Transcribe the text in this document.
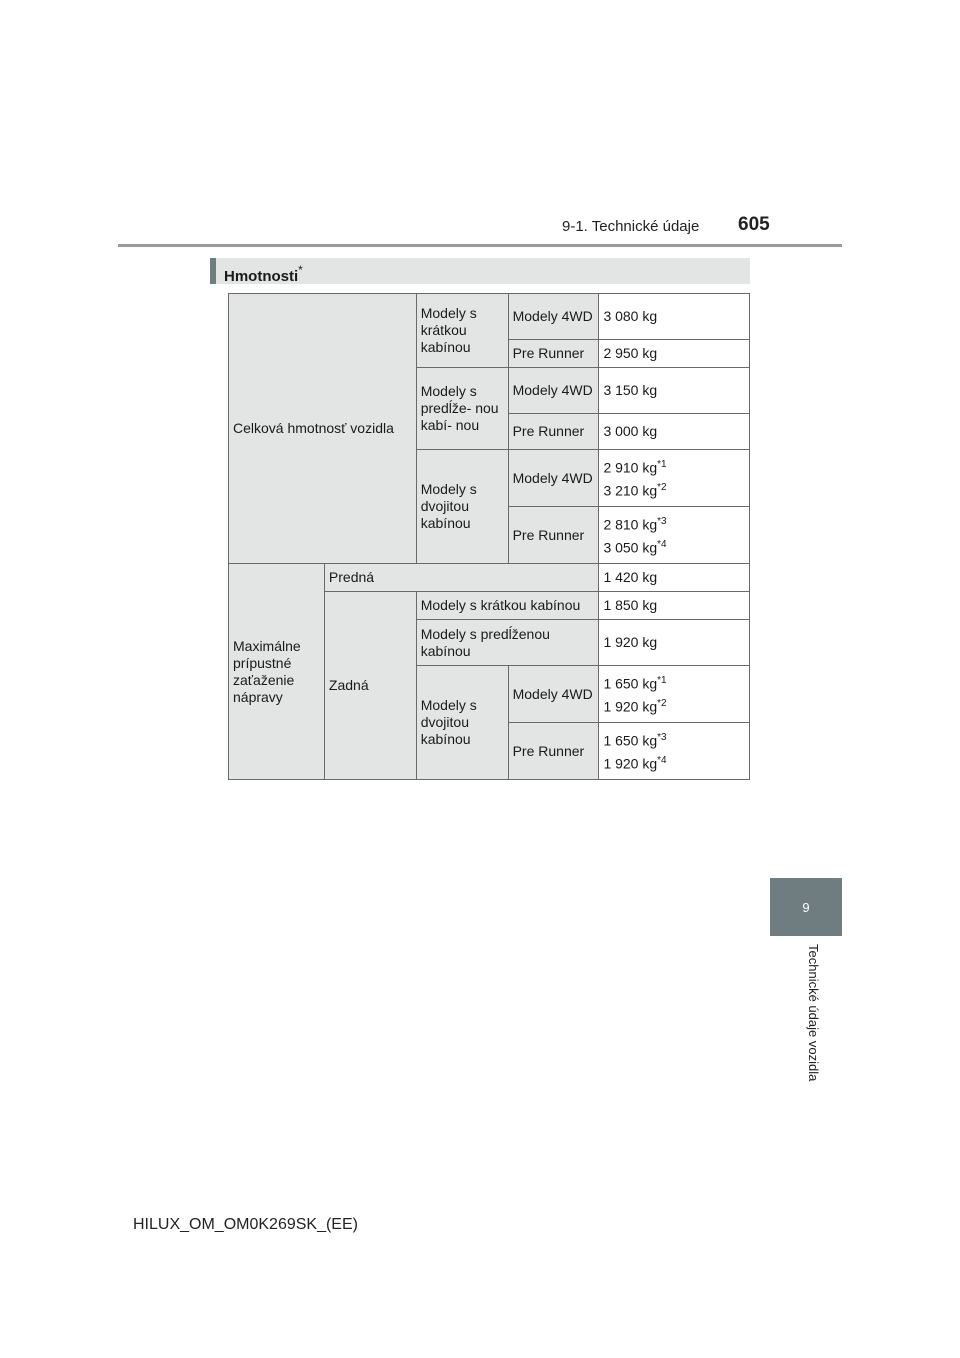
9-1. Technické údaje 605
9
Technické údaje vozidla
Hmotnosti*
Celková hmotnosť vozidla		Modely s krátkou kabínou	Modely 4WD	3 080 kg
			Pre Runner	2 950 kg
		Modely s predĺže- nou kabí- nou	Modely 4WD	3 150 kg
			Pre Runner	3 000 kg
		Modely s dvojitou kabínou	Modely 4WD	2 910 $kg^{*1}$
3 210 $kg^{*2}$

			Pre Runner	2 810 $kg^{*3}$
3 050 $kg^{*4}$

Maximálne prípustné zaťaženie nápravy	Predná			1 420 kg
	Zadná	Modely s krátkou kabínou		1 850 kg
		Modely s predĺženou kabínou		1 920 kg
		Modely s dvojitou kabínou	Modely 4WD	1 650 $kg^{*1}$
1 920 $kg^{*2}$

			Pre Runner	1 650 $kg^{*3}$
1 920 $kg^{*4}$
HILUX_OM_OM0K269SK_(EE)
